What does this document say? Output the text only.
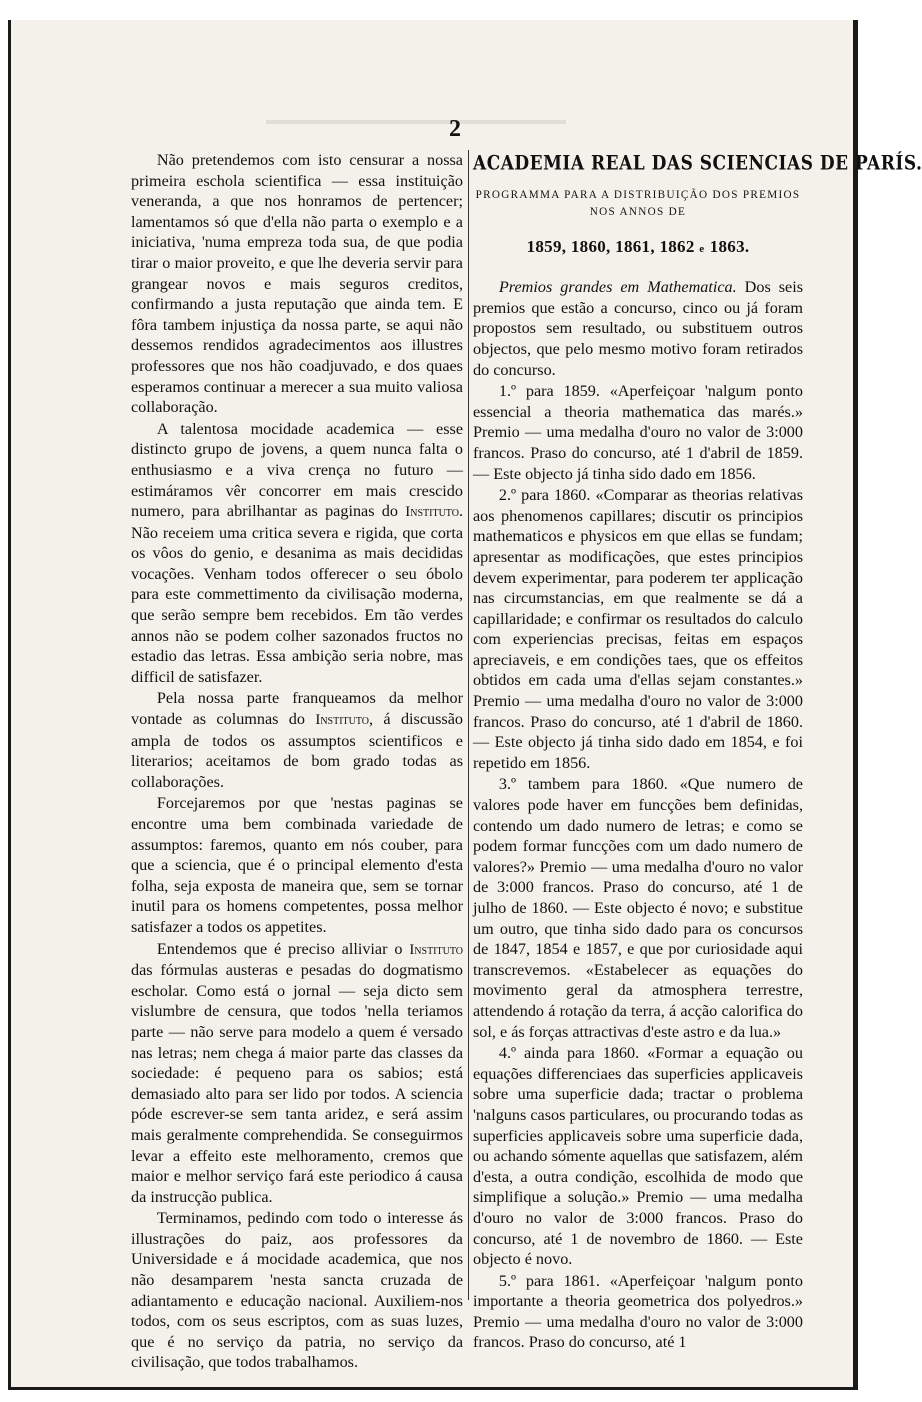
2

Não pretendemos com isto censurar a nossa primeira eschola scientifica — essa instituição veneranda, a que nos honramos de pertencer; lamentamos só que d'ella não parta o exemplo e a iniciativa, 'numa empreza toda sua, de que podia tirar o maior proveito, e que lhe deveria servir para grangear novos e mais seguros creditos, confirmando a justa reputação que ainda tem. E fôra tambem injustiça da nossa parte, se aqui não dessemos rendidos agradecimentos aos illustres professores que nos hão coadjuvado, e dos quaes esperamos continuar a merecer a sua muito valiosa collaboração.

A talentosa mocidade academica — esse distincto grupo de jovens, a quem nunca falta o enthusiasmo e a viva crença no futuro — estimáramos vêr concorrer em mais crescido numero, para abrilhantar as paginas do Instituto. Não receiem uma critica severa e rigida, que corta os vôos do genio, e desanima as mais decididas vocações. Venham todos offerecer o seu óbolo para este commettimento da civilisação moderna, que serão sempre bem recebidos. Em tão verdes annos não se podem colher sazonados fructos no estadio das letras. Essa ambição seria nobre, mas difficil de satisfazer.

Pela nossa parte franqueamos da melhor vontade as columnas do Instituto, á discussão ampla de todos os assumptos scientificos e literarios; aceitamos de bom grado todas as collaborações.

Forcejaremos por que 'nestas paginas se encontre uma bem combinada variedade de assumptos: faremos, quanto em nós couber, para que a sciencia, que é o principal elemento d'esta folha, seja exposta de maneira que, sem se tornar inutil para os homens competentes, possa melhor satisfazer a todos os appetites.

Entendemos que é preciso alliviar o Instituto das fórmulas austeras e pesadas do dogmatismo escholar. Como está o jornal — seja dicto sem vislumbre de censura, que todos 'nella teriamos parte — não serve para modelo a quem é versado nas letras; nem chega á maior parte das classes da sociedade: é pequeno para os sabios; está demasiado alto para ser lido por todos. A sciencia póde escrever-se sem tanta aridez, e será assim mais geralmente comprehendida. Se conseguirmos levar a effeito este melhoramento, cremos que maior e melhor serviço fará este periodico á causa da instrucção publica.

Terminamos, pedindo com todo o interesse ás illustrações do paiz, aos professores da Universidade e á mocidade academica, que nos não desamparem 'nesta sancta cruzada de adiantamento e educação nacional. Auxiliem-nos todos, com os seus escriptos, com as suas luzes, que é no serviço da patria, no serviço da civilisação, que todos trabalhamos.

ACADEMIA REAL DAS SCIENCIAS DE PARÍS.
PROGRAMMA PARA A DISTRIBUIÇÃO DOS PREMIOS
NOS ANNOS DE
1859, 1860, 1861, 1862 e 1863.

Premios grandes em Mathematica. Dos seis premios que estão a concurso, cinco ou já foram propostos sem resultado, ou substituem outros objectos, que pelo mesmo motivo foram retirados do concurso.

1.º para 1859. «Aperfeiçoar 'nalgum ponto essencial a theoria mathematica das marés.» Premio — uma medalha d'ouro no valor de 3:000 francos. Praso do concurso, até 1 d'abril de 1859. — Este objecto já tinha sido dado em 1856.

2.º para 1860. «Comparar as theorias relativas aos phenomenos capillares; discutir os principios mathematicos e physicos em que ellas se fundam; apresentar as modificações, que estes principios devem experimentar, para poderem ter applicação nas circumstancias, em que realmente se dá a capillaridade; e confirmar os resultados do calculo com experiencias precisas, feitas em espaços apreciaveis, e em condições taes, que os effeitos obtidos em cada uma d'ellas sejam constantes.» Premio — uma medalha d'ouro no valor de 3:000 francos. Praso do concurso, até 1 d'abril de 1860. — Este objecto já tinha sido dado em 1854, e foi repetido em 1856.

3.º tambem para 1860. «Que numero de valores pode haver em funcções bem definidas, contendo um dado numero de letras; e como se podem formar funcções com um dado numero de valores?» Premio — uma medalha d'ouro no valor de 3:000 francos. Praso do concurso, até 1 de julho de 1860. — Este objecto é novo; e substitue um outro, que tinha sido dado para os concursos de 1847, 1854 e 1857, e que por curiosidade aqui transcrevemos. «Estabelecer as equações do movimento geral da atmosphera terrestre, attendendo á rotação da terra, á acção calorifica do sol, e ás forças attractivas d'este astro e da lua.»

4.º ainda para 1860. «Formar a equação ou equações differenciaes das superficies applicaveis sobre uma superficie dada; tractar o problema 'nalguns casos particulares, ou procurando todas as superficies applicaveis sobre uma superficie dada, ou achando sómente aquellas que satisfazem, além d'esta, a outra condição, escolhida de modo que simplifique a solução.» Premio — uma medalha d'ouro no valor de 3:000 francos. Praso do concurso, até 1 de novembro de 1860. — Este objecto é novo.

5.º para 1861. «Aperfeiçoar 'nalgum ponto importante a theoria geometrica dos polyedros.» Premio — uma medalha d'ouro no valor de 3:000 francos. Praso do concurso, até 1
